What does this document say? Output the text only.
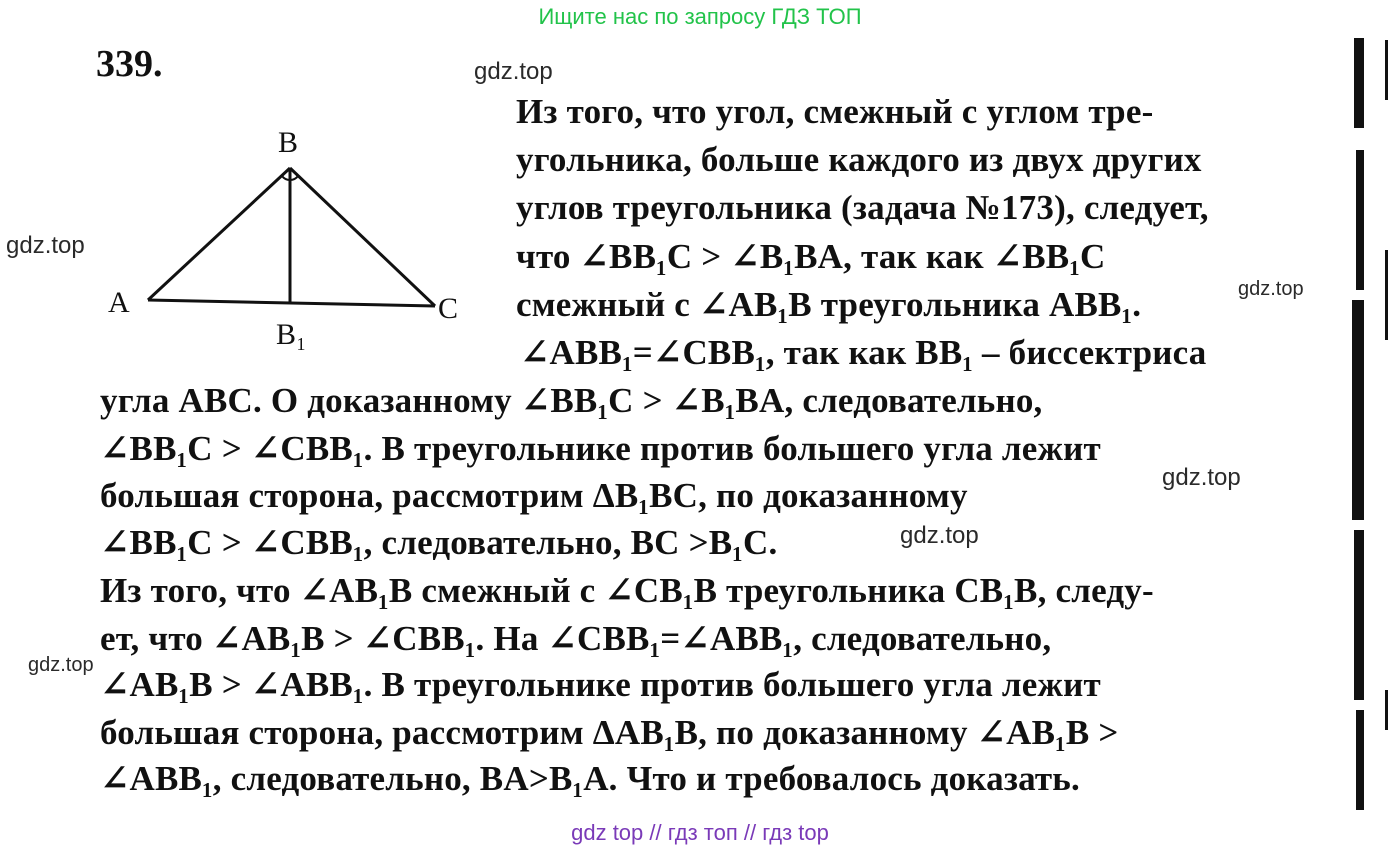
Ищите нас по запросу ГДЗ ТОП
339.	gdz.top
gdz.top
gdz.top
gdz.top
gdz.top
gdz.top
B
A	C
B₁
Из того, что угол, смежный с углом тре-
угольника, больше каждого из двух других
углов треугольника (задача №173), следует,
что ∠BB₁C > ∠B₁BA, так как ∠BB₁C
смежный с ∠AB₁B треугольника ABB₁.
∠ABB₁=∠CBB₁, так как BB₁ – биссектриса
угла ABC. О доказанному ∠BB₁C > ∠B₁BA, следовательно,
∠BB₁C > ∠CBB₁. В треугольнике против большего угла лежит
большая сторона, рассмотрим ΔB₁BC, по доказанному
∠BB₁C > ∠CBB₁, следовательно, BC >B₁C.
Из того, что ∠AB₁B смежный с ∠CB₁B треугольника CB₁B, следу-
ет, что ∠AB₁B > ∠CBB₁. На ∠CBB₁=∠ABB₁, следовательно,
∠AB₁B > ∠ABB₁. В треугольнике против большего угла лежит
большая сторона, рассмотрим ΔAB₁B, по доказанному ∠AB₁B >
∠ABB₁, следовательно, BA>B₁A. Что и требовалось доказать.
gdz top // гдз топ // гдз top
